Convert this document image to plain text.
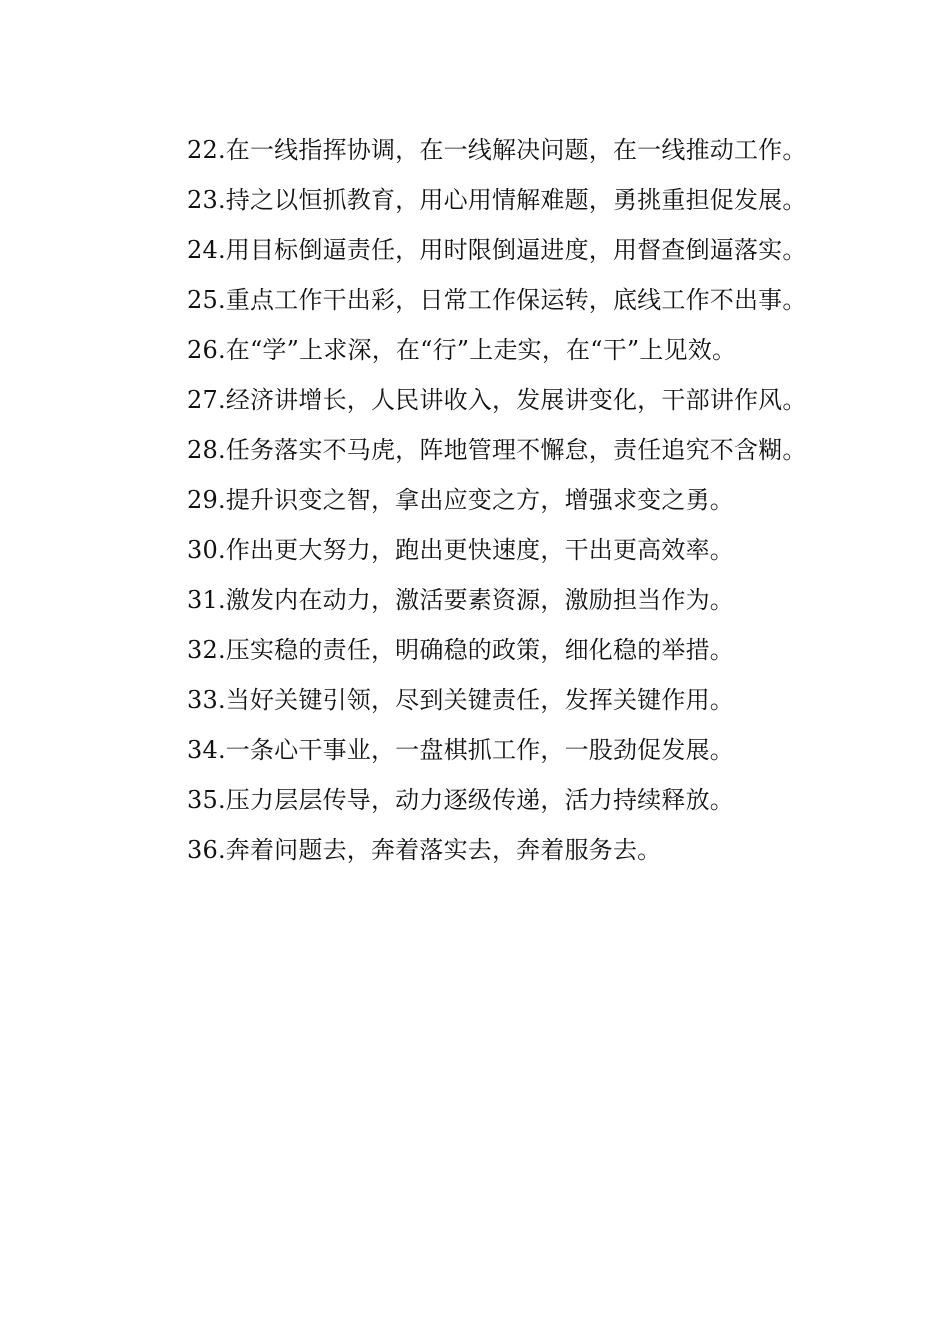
22.在一线指挥协调，在一线解决问题，在一线推动工作。

23.持之以恒抓教育，用心用情解难题，勇挑重担促发展。

24.用目标倒逼责任，用时限倒逼进度，用督查倒逼落实。

25.重点工作干出彩，日常工作保运转，底线工作不出事。

26.在“学”上求深，在“行”上走实，在“干”上见效。

27.经济讲增长，人民讲收入，发展讲变化，干部讲作风。

28.任务落实不马虎，阵地管理不懈怠，责任追究不含糊。

29.提升识变之智，拿出应变之方，增强求变之勇。

30.作出更大努力，跑出更快速度，干出更高效率。

31.激发内在动力，激活要素资源，激励担当作为。

32.压实稳的责任，明确稳的政策，细化稳的举措。

33.当好关键引领，尽到关键责任，发挥关键作用。

34.一条心干事业，一盘棋抓工作，一股劲促发展。

35.压力层层传导，动力逐级传递，活力持续释放。

36.奔着问题去，奔着落实去，奔着服务去。
